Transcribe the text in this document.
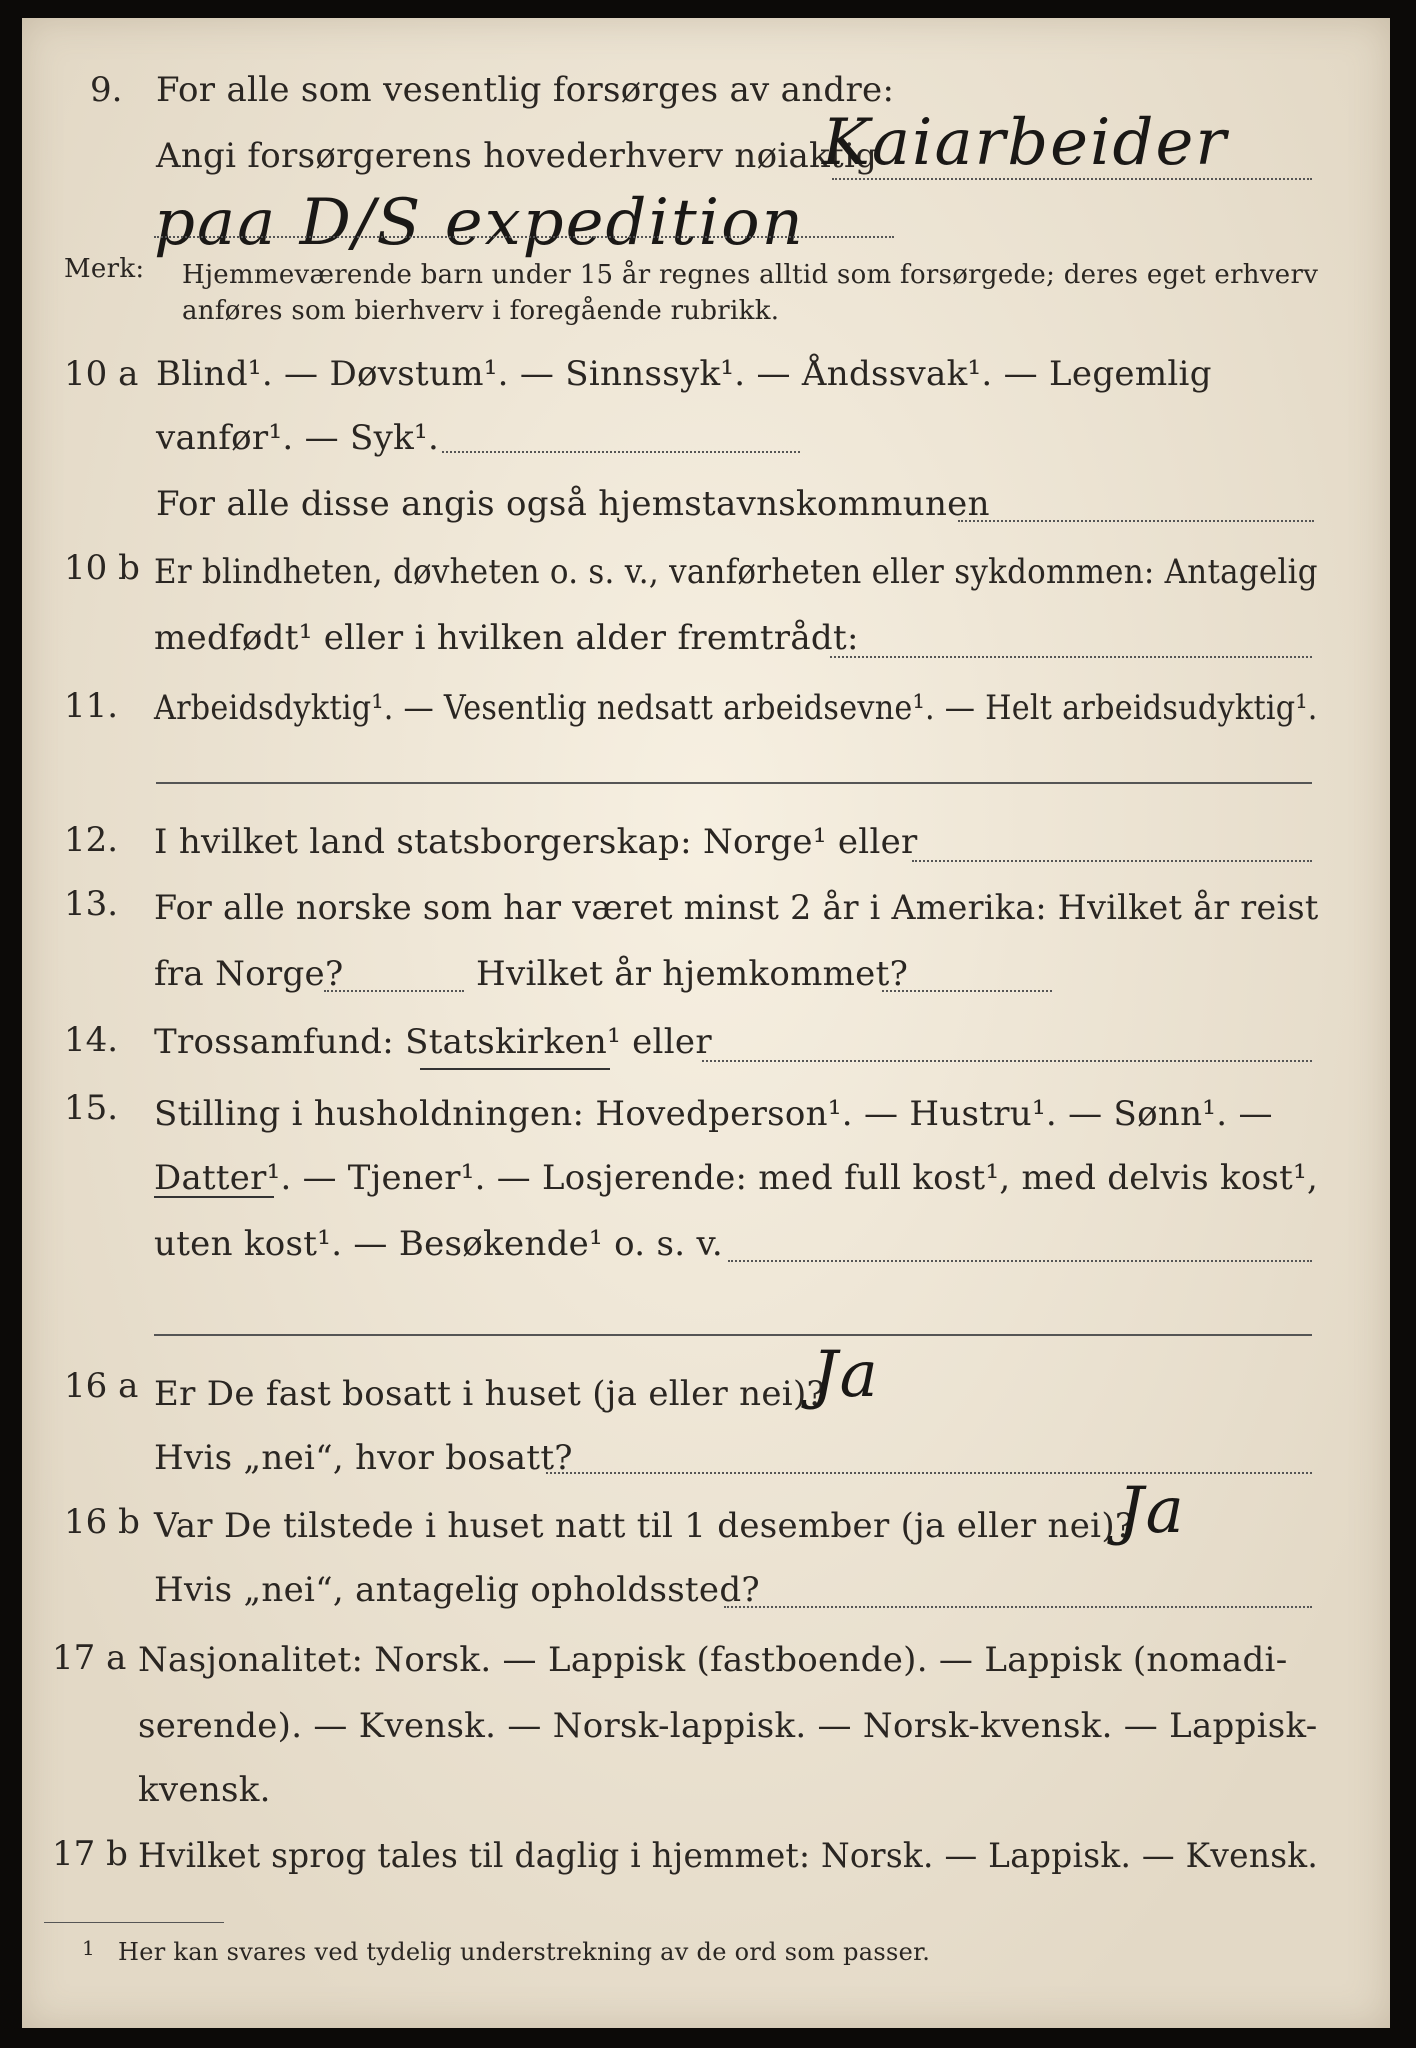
9. For alle som vesentlig forsørges av andre:
Angi forsørgerens hovederhverv nøiaktig
Kaiarbeider
paa D/S expedition
Merk: Hjemmeværende barn under 15 år regnes alltid som forsørgede; deres eget erhverv
anføres som bierhverv i foregående rubrikk.
10 a Blind¹. — Døvstum¹. — Sinnssyk¹. — Åndssvak¹. — Legemlig
vanfør¹. — Syk¹.
For alle disse angis også hjemstavnskommunen
10 b Er blindheten, døvheten o. s. v., vanførheten eller sykdommen: Antagelig
medfødt¹ eller i hvilken alder fremtrådt:
11. Arbeidsdyktig¹. — Vesentlig nedsatt arbeidsevne¹. — Helt arbeidsudyktig¹.
12. I hvilket land statsborgerskap: Norge¹ eller
13. For alle norske som har været minst 2 år i Amerika: Hvilket år reist
fra Norge?	Hvilket år hjemkommet?
14. Trossamfund: Statskirken¹ eller
15. Stilling i husholdningen: Hovedperson¹. — Hustru¹. — Sønn¹. —
Datter¹. — Tjener¹. — Losjerende: med full kost¹, med delvis kost¹,
uten kost¹. — Besøkende¹ o. s. v.
16 a Er De fast bosatt i huset (ja eller nei)?
Ja
Hvis „nei“, hvor bosatt?
16 b Var De tilstede i huset natt til 1 desember (ja eller nei)?
Ja
Hvis „nei“, antagelig opholdssted?
17 a Nasjonalitet: Norsk. — Lappisk (fastboende). — Lappisk (nomadi-
serende). — Kvensk. — Norsk-lappisk. — Norsk-kvensk. — Lappisk-
kvensk.
17 b Hvilket sprog tales til daglig i hjemmet: Norsk. — Lappisk. — Kvensk.
1 Her kan svares ved tydelig understrekning av de ord som passer.
